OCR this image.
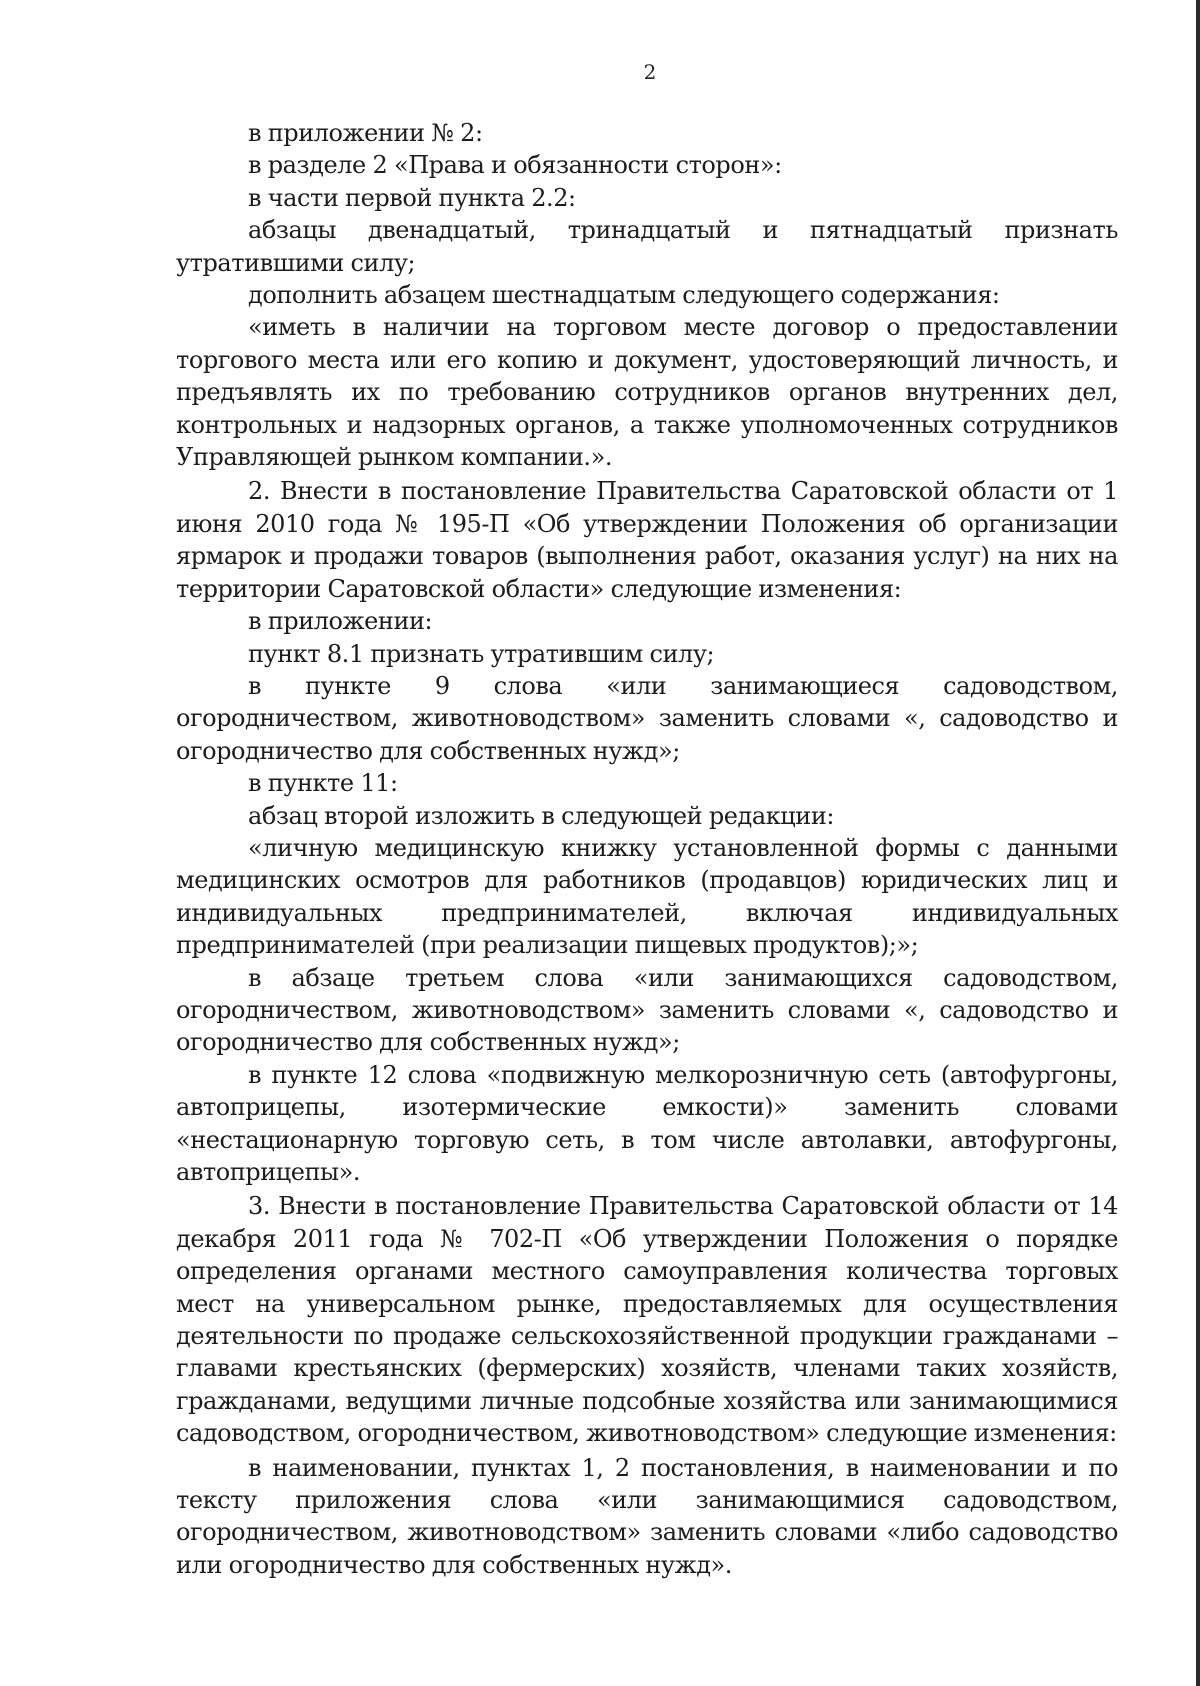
2

в приложении № 2:

в разделе 2 «Права и обязанности сторон»:

в части первой пункта 2.2:

абзацы двенадцатый, тринадцатый и пятнадцатый признать утратившими силу;

дополнить абзацем шестнадцатым следующего содержания:

«иметь в наличии на торговом месте договор о предоставлении торгового места или его копию и документ, удостоверяющий личность, и предъявлять их по требованию сотрудников органов внутренних дел, контрольных и надзорных органов, а также уполномоченных сотрудников Управляющей рынком компании.».

2. Внести в постановление Правительства Саратовской области от 1 июня 2010 года № 195-П «Об утверждении Положения об организации ярмарок и продажи товаров (выполнения работ, оказания услуг) на них на территории Саратовской области» следующие изменения:

в приложении:

пункт 8.1 признать утратившим силу;

в пункте 9 слова «или занимающиеся садоводством, огородничеством, животноводством» заменить словами «, садоводство и огородничество для собственных нужд»;

в пункте 11:

абзац второй изложить в следующей редакции:

«личную медицинскую книжку установленной формы с данными медицинских осмотров для работников (продавцов) юридических лиц и индивидуальных предпринимателей, включая индивидуальных предпринимателей (при реализации пищевых продуктов);»;

в абзаце третьем слова «или занимающихся садоводством, огородничеством, животноводством» заменить словами «, садоводство и огородничество для собственных нужд»;

в пункте 12 слова «подвижную мелкорозничную сеть (автофургоны, автоприцепы, изотермические емкости)» заменить словами «нестационарную торговую сеть, в том числе автолавки, автофургоны, автоприцепы».

3. Внести в постановление Правительства Саратовской области от 14 декабря 2011 года № 702-П «Об утверждении Положения о порядке определения органами местного самоуправления количества торговых мест на универсальном рынке, предоставляемых для осуществления деятельности по продаже сельскохозяйственной продукции гражданами – главами крестьянских (фермерских) хозяйств, членами таких хозяйств, гражданами, ведущими личные подсобные хозяйства или занимающимися садоводством, огородничеством, животноводством» следующие изменения:

в наименовании, пунктах 1, 2 постановления, в наименовании и по тексту приложения слова «или занимающимися садоводством, огородничеством, животноводством» заменить словами «либо садоводство или огородничество для собственных нужд».
